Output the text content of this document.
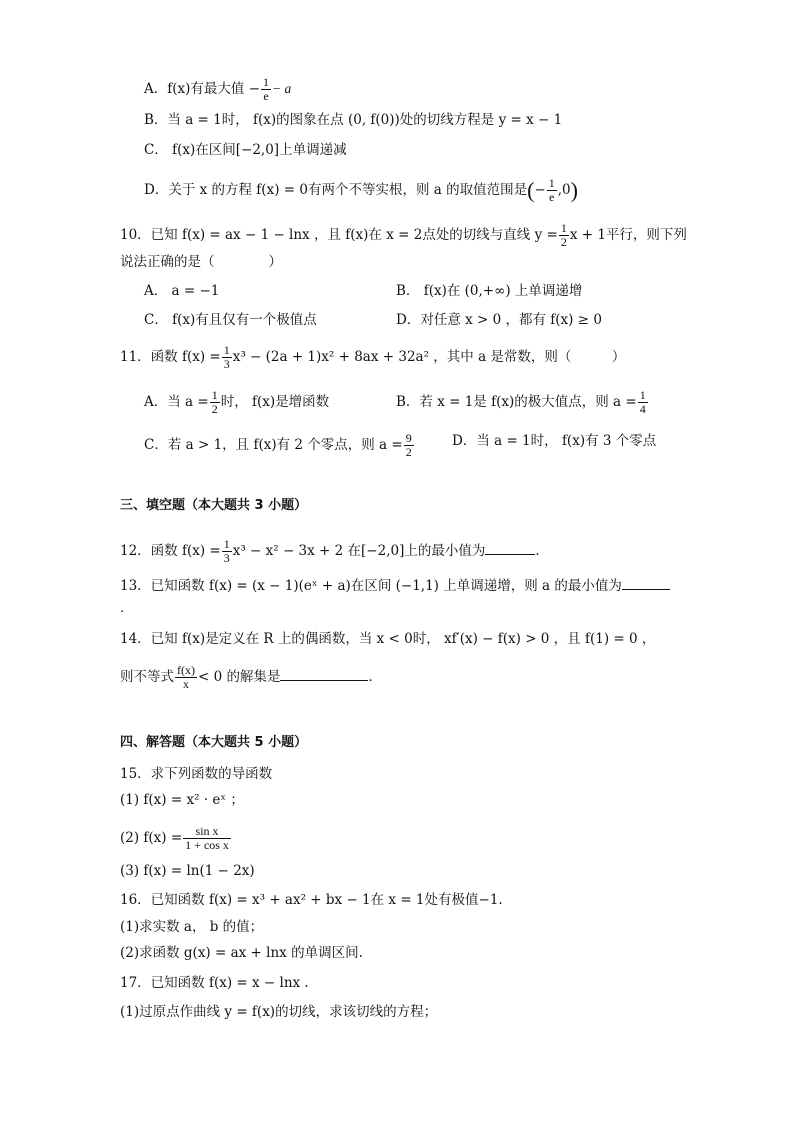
A．f(x)有最大值 − $\frac{1}{e} - a$
B．当 a = 1时， f(x)的图象在点 (0, f(0))处的切线方程是 y = x − 1
C． f(x)在区间[−2,0]上单调递减
D．关于 x 的方程 f(x) = 0有两个不等实根，则 a 的取值范围是(− $\frac{1}{e} ,0$)
10．已知 f(x) = ax − 1 − lnx ，且 f(x)在 x = 2点处的切线与直线 $y = \frac{1}{2}$ x + 1平行，则下列
说法正确的是（　　　　）
A． a = −1	B． f(x)在 (0,+∞) 上单调递增
C． f(x)有且仅有一个极值点	D．对任意 x > 0 ，都有 f(x) ≥ 0
11．函数 $f(x) = \frac{1}{3} x^3 - (2a + 1)x^2 + 8ax + 32a^2$ ，其中 a 是常数，则（　　　）
A．当 $a = \frac{1}{2}$ 时， f(x)是增函数	B．若 x = 1是 f(x)的极大值点，则 $a = \frac{1}{4}$
C．若 a > 1，且 f(x)有 2 个零点，则 $a = \frac{9}{2}$	D．当 a = 1时， f(x)有 3 个零点
三、填空题（本大题共 3 小题）
12．函数 $f(x) = \frac{1}{3} x^3 - x^2 - 3x + 2$ 在[−2,0]上的最小值为	．
13．已知函数 f(x) = (x − 1)(eˣ + a)在区间 (−1,1) 上单调递增，则 a 的最小值为
．
14．已知 f(x)是定义在 R 上的偶函数，当 x < 0时， xf′(x) − f(x) > 0 ，且 f(1) = 0 ，
则不等式 $\frac{f(x)}{x} < 0$ 的解集是	．
四、解答题（本大题共 5 小题）
15．求下列函数的导函数
(1) f(x) = x² · eˣ ；
(2) $f(x) = \frac{\text{sin x}}{\text{1 + cos x}}$
(3) f(x) = ln(1 − 2x)
16．已知函数 f(x) = x³ + ax² + bx − 1在 x = 1处有极值−1.
(1)求实数 a， b 的值；
(2)求函数 g(x) = ax + lnx 的单调区间.
17．已知函数 f(x) = x − lnx .
(1)过原点作曲线 y = f(x)的切线，求该切线的方程；
